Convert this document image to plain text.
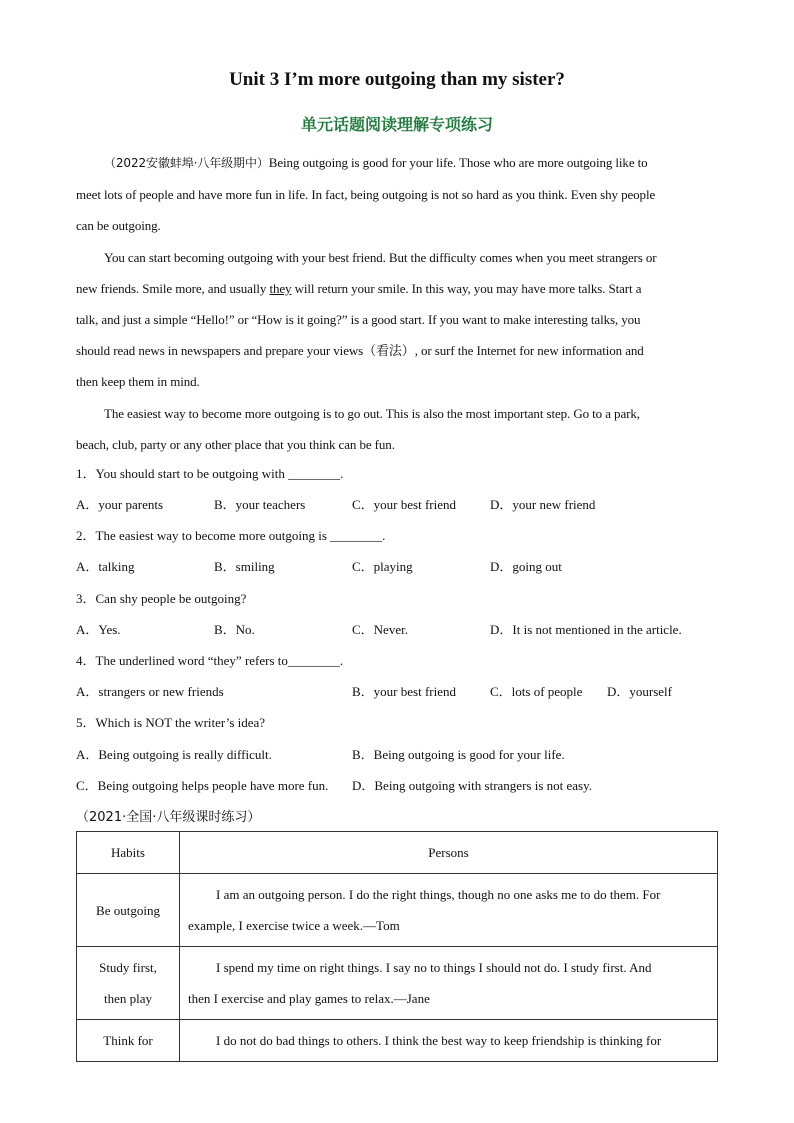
Unit 3 I’m more outgoing than my sister?
单元话题阅读理解专项练习

（2022安徽蚌埠·八年级期中）Being outgoing is good for your life. Those who are more outgoing like to
meet lots of people and have more fun in life. In fact, being outgoing is not so hard as you think. Even shy people
can be outgoing.

You can start becoming outgoing with your best friend. But the difficulty comes when you meet strangers or
new friends. Smile more, and usually they will return your smile. In this way, you may have more talks. Start a
talk, and just a simple “Hello!” or “How is it going?” is a good start. If you want to make interesting talks, you
should read news in newspapers and prepare your views（看法）, or surf the Internet for new information and
then keep them in mind.

The easiest way to become more outgoing is to go out. This is also the most important step. Go to a park,
beach, club, party or any other place that you think can be fun.

1．You should start to be outgoing with ________.
A．your parents	B．your teachers	C．your best friend	D．your new friend
2．The easiest way to become more outgoing is ________.
A．talking	B．smiling	C．playing	D．going out
3．Can shy people be outgoing?
A．Yes.	B．No.	C．Never.	D．It is not mentioned in the article.
4．The underlined word “they” refers to________.
A．strangers or new friends	B．your best friend	C．lots of people D．yourself
5．Which is NOT the writer’s idea?
A．Being outgoing is really difficult.	B．Being outgoing is good for your life.
C．Being outgoing helps people have more fun. D．Being outgoing with strangers is not easy.
（2021·全国·八年级课时练习）
Habits	Persons
Be outgoing	I am an outgoing person. I do the right things, though no one asks me to do them. For
example, I exercise twice a week.—Tom
Study first,
then play	I spend my time on right things. I say no to things I should not do. I study first. And
then I exercise and play games to relax.—Jane
Think for	I do not do bad things to others. I think the best way to keep friendship is thinking for
